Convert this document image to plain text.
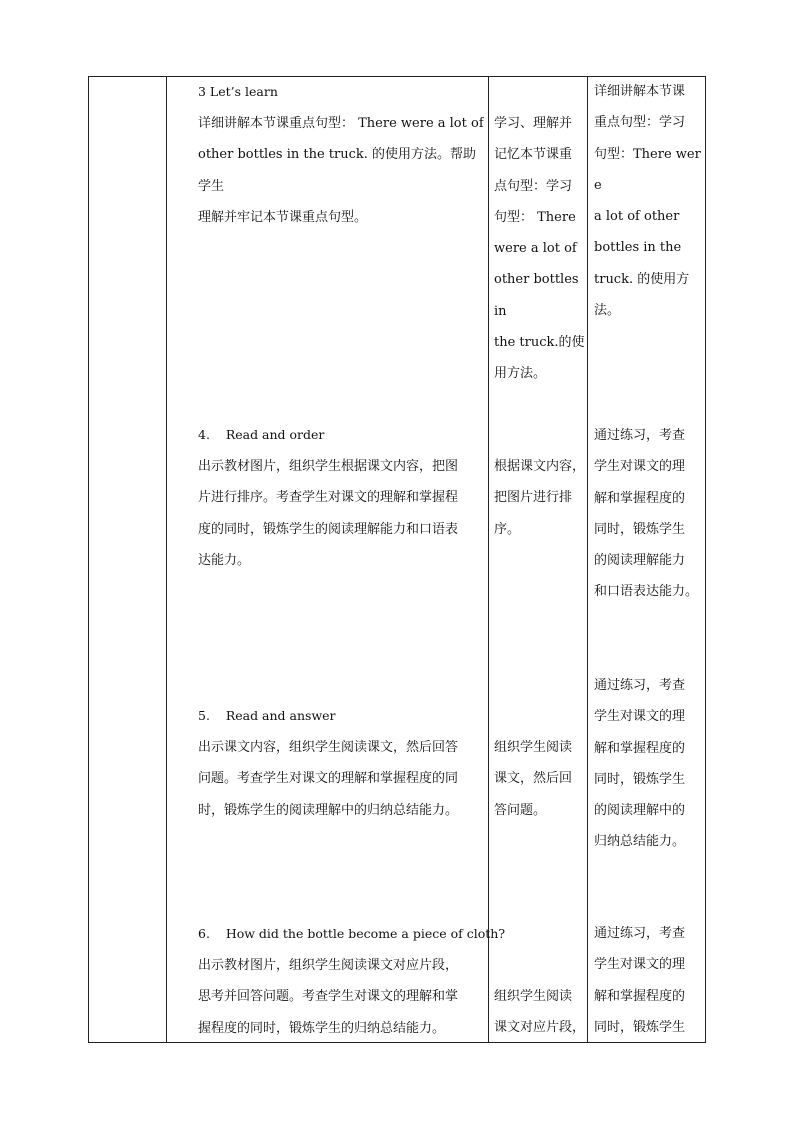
3 Let’s learn
详细讲解本节课重点句型： There were a lot of
other bottles in the truck. 的使用方法。帮助学生
理解并牢记本节课重点句型。
学习、理解并
记忆本节课重
点句型：学习
句型： There
were a lot of
other bottles in
the truck.的使
用方法。
详细讲解本节课
重点句型：学习
句型：There were
a lot of other
bottles in the
truck. 的使用方
法。
4.    Read and order
出示教材图片，组织学生根据课文内容，把图
片进行排序。考查学生对课文的理解和掌握程
度的同时，锻炼学生的阅读理解能力和口语表
达能力。
根据课文内容，
把图片进行排
序。
通过练习，考查
学生对课文的理
解和掌握程度的
同时，锻炼学生
的阅读理解能力
和口语表达能力。
5.    Read and answer
出示课文内容，组织学生阅读课文，然后回答
问题。考查学生对课文的理解和掌握程度的同
时，锻炼学生的阅读理解中的归纳总结能力。
组织学生阅读
课文，然后回
答问题。
通过练习，考查
学生对课文的理
解和掌握程度的
同时，锻炼学生
的阅读理解中的
归纳总结能力。
6.    How did the bottle become a piece of cloth?
出示教材图片，组织学生阅读课文对应片段，
思考并回答问题。考查学生对课文的理解和掌
握程度的同时，锻炼学生的归纳总结能力。
组织学生阅读
课文对应片段，
通过练习，考查
学生对课文的理
解和掌握程度的
同时，锻炼学生
